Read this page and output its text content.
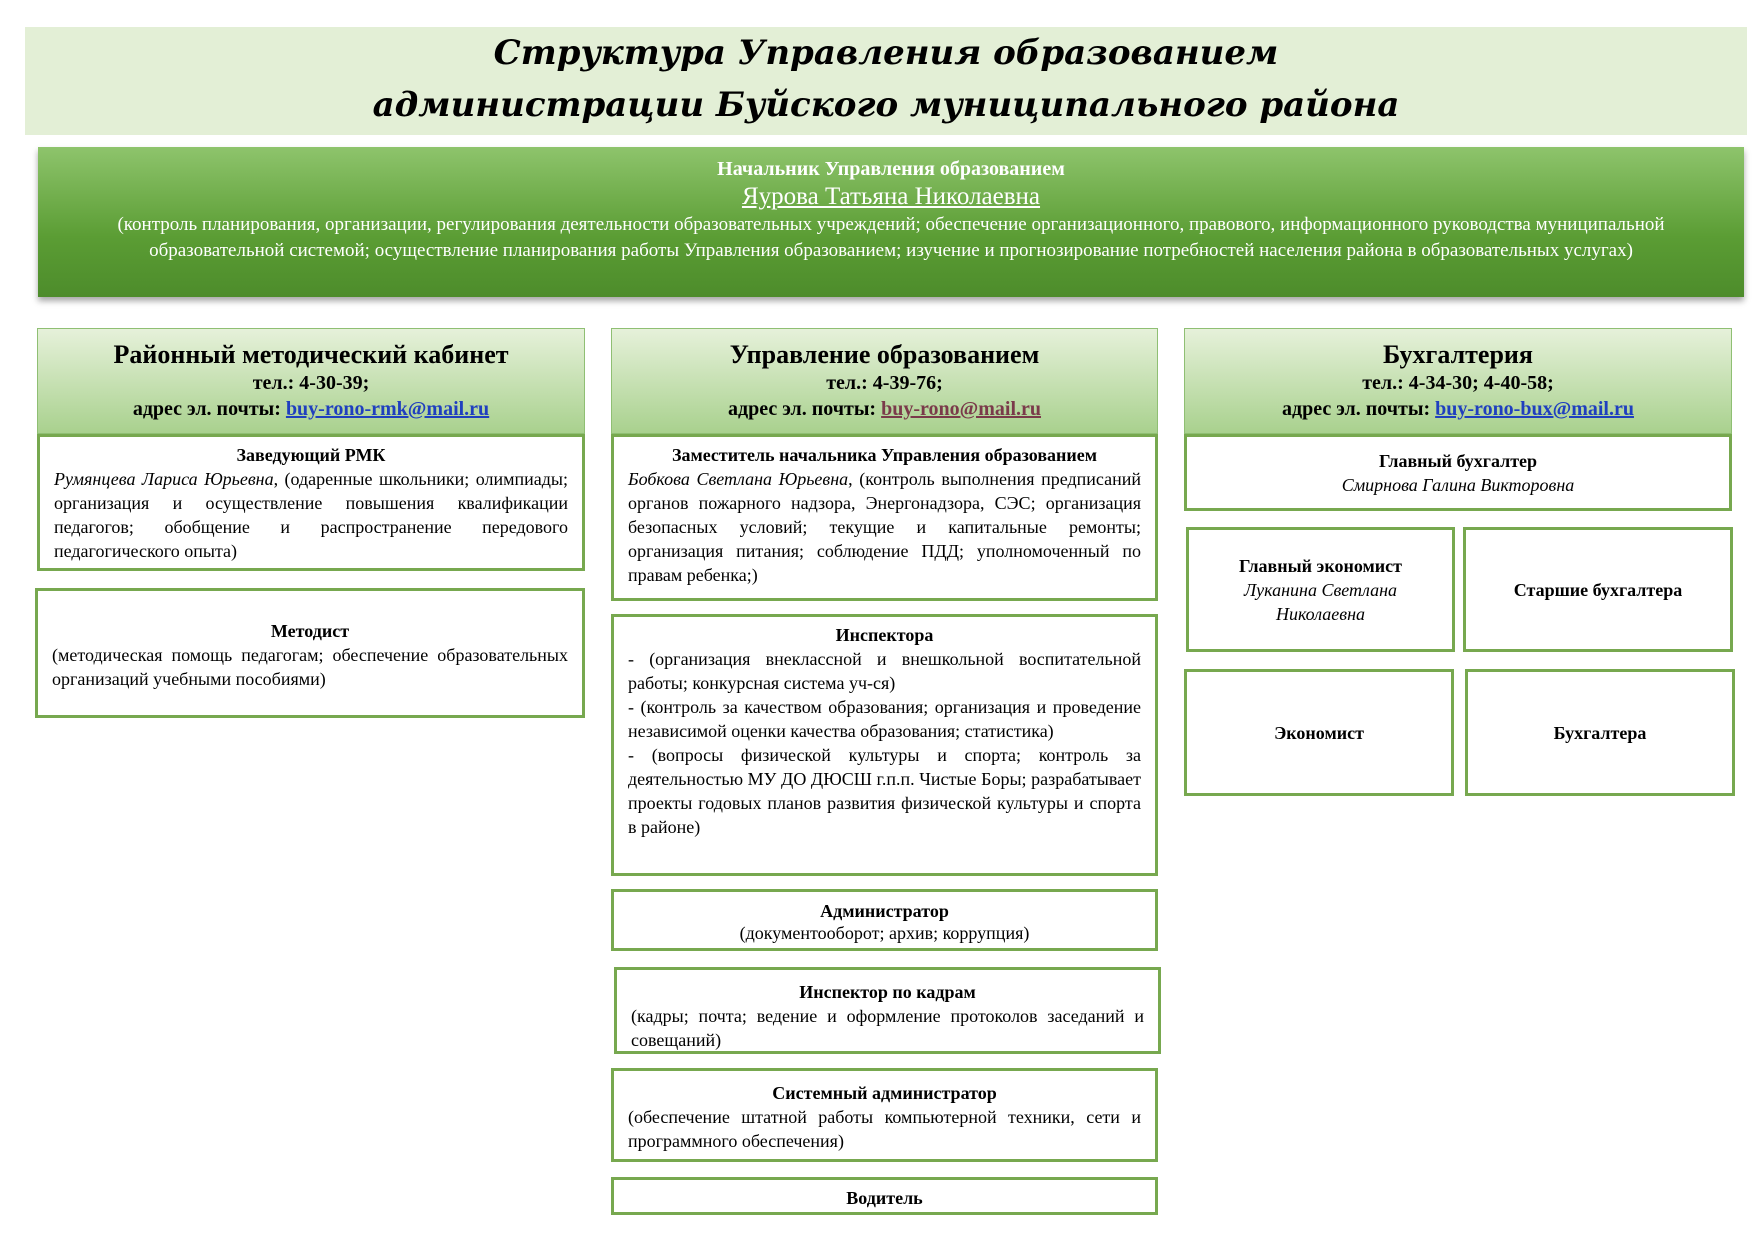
Структура Управления образованием
администрации Буйского муниципального района
Начальник Управления образованием
Яурова Татьяна Николаевна
(контроль планирования, организации, регулирования деятельности образовательных учреждений; обеспечение организационного, правового, информационного руководства муниципальной образовательной системой; осуществление планирования работы Управления образованием; изучение и прогнозирование потребностей населения района в образовательных услугах)
Районный методический кабинет
тел.: 4-30-39;
адрес эл. почты: buy-rono-rmk@mail.ru
Заведующий РМК
Румянцева Лариса Юрьевна, (одаренные школьники; олимпиады; организация и осуществление повышения квалификации педагогов; обобщение и распространение передового педагогического опыта)
Методист
(методическая помощь педагогам; обеспечение образовательных организаций учебными пособиями)
Управление образованием
тел.: 4-39-76;
адрес эл. почты: buy-rono@mail.ru
Заместитель начальника Управления образованием
Бобкова Светлана Юрьевна, (контроль выполнения предписаний органов пожарного надзора, Энергонадзора, СЭС; организация безопасных условий; текущие и капитальные ремонты; организация питания; соблюдение ПДД; уполномоченный по правам ребенка;)
Инспектора
- (организация внеклассной и внешкольной воспитательной работы; конкурсная система уч-ся)
- (контроль за качеством образования; организация и проведение независимой оценки качества образования; статистика)
- (вопросы физической культуры и спорта; контроль за деятельностью МУ ДО ДЮСШ г.п.п. Чистые Боры; разрабатывает проекты годовых планов развития физической культуры и спорта в районе)
Администратор
(документооборот; архив; коррупция)
Инспектор по кадрам
(кадры; почта; ведение и оформление протоколов заседаний и совещаний)
Системный администратор
(обеспечение штатной работы компьютерной техники, сети и программного обеспечения)
Водитель
Бухгалтерия
тел.: 4-34-30; 4-40-58;
адрес эл. почты: buy-rono-bux@mail.ru
Главный бухгалтер
Смирнова Галина Викторовна
Главный экономист
Луканина Светлана Николаевна
Старшие бухгалтера
Экономист	Бухгалтера
